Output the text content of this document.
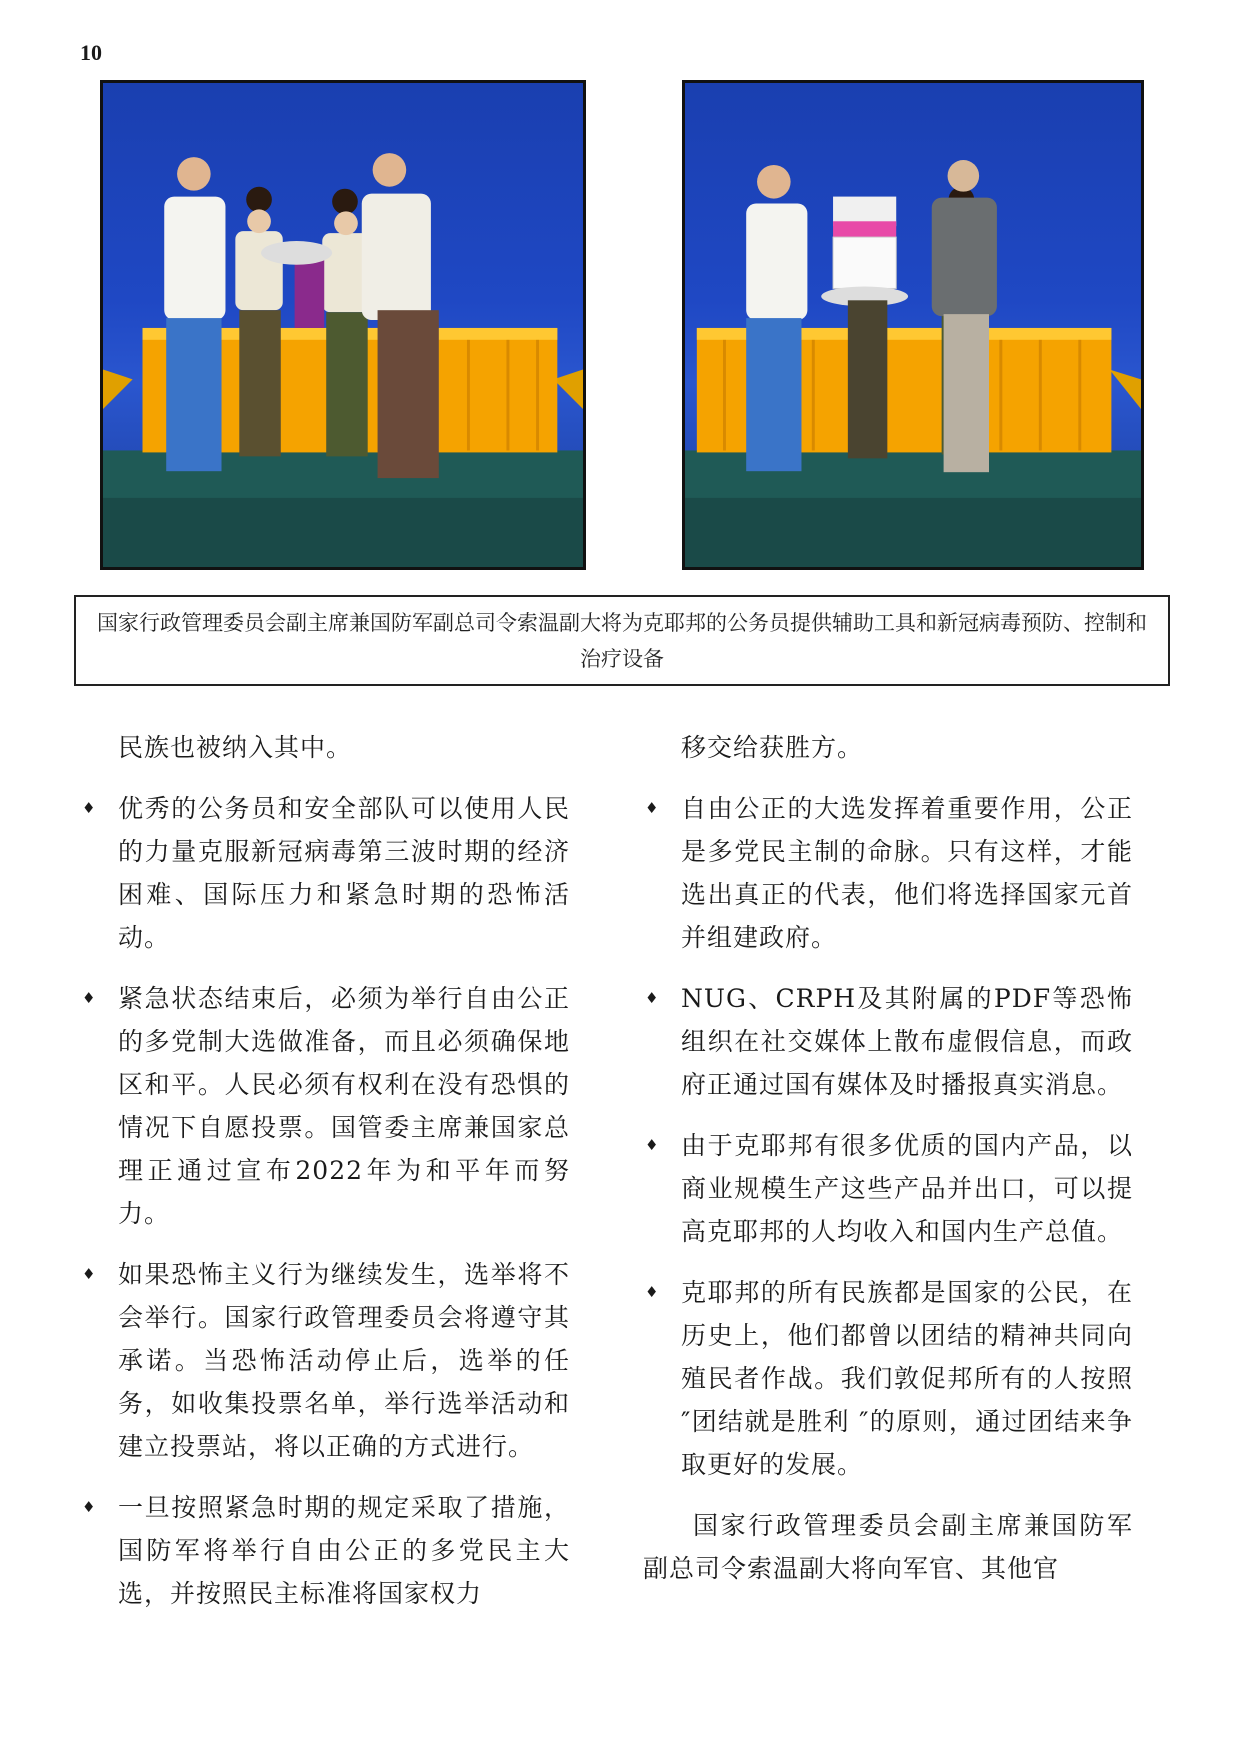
10
国家行政管理委员会副主席兼国防军副总司令索温副大将为克耶邦的公务员提供辅助工具和新冠病毒预防、控制和治疗设备

民族也被纳入其中。

♦ 优秀的公务员和安全部队可以使用人民的力量克服新冠病毒第三波时期的经济困难、国际压力和紧急时期的恐怖活动。
♦ 紧急状态结束后，必须为举行自由公正的多党制大选做准备，而且必须确保地区和平。人民必须有权利在没有恐惧的情况下自愿投票。国管委主席兼国家总理正通过宣布2022年为和平年而努力。
♦ 如果恐怖主义行为继续发生，选举将不会举行。国家行政管理委员会将遵守其承诺。当恐怖活动停止后，选举的任务，如收集投票名单，举行选举活动和建立投票站，将以正确的方式进行。
♦ 一旦按照紧急时期的规定采取了措施，国防军将举行自由公正的多党民主大选，并按照民主标准将国家权力

移交给获胜方。

♦ 自由公正的大选发挥着重要作用，公正是多党民主制的命脉。只有这样，才能选出真正的代表，他们将选择国家元首并组建政府。
♦ NUG、CRPH及其附属的PDF等恐怖组织在社交媒体上散布虚假信息，而政府正通过国有媒体及时播报真实消息。
♦ 由于克耶邦有很多优质的国内产品，以商业规模生产这些产品并出口，可以提高克耶邦的人均收入和国内生产总值。
♦ 克耶邦的所有民族都是国家的公民，在历史上，他们都曾以团结的精神共同向殖民者作战。我们敦促邦所有的人按照 ″团结就是胜利 ″的原则，通过团结来争取更好的发展。

国家行政管理委员会副主席兼国防军副总司令索温副大将向军官、其他官
